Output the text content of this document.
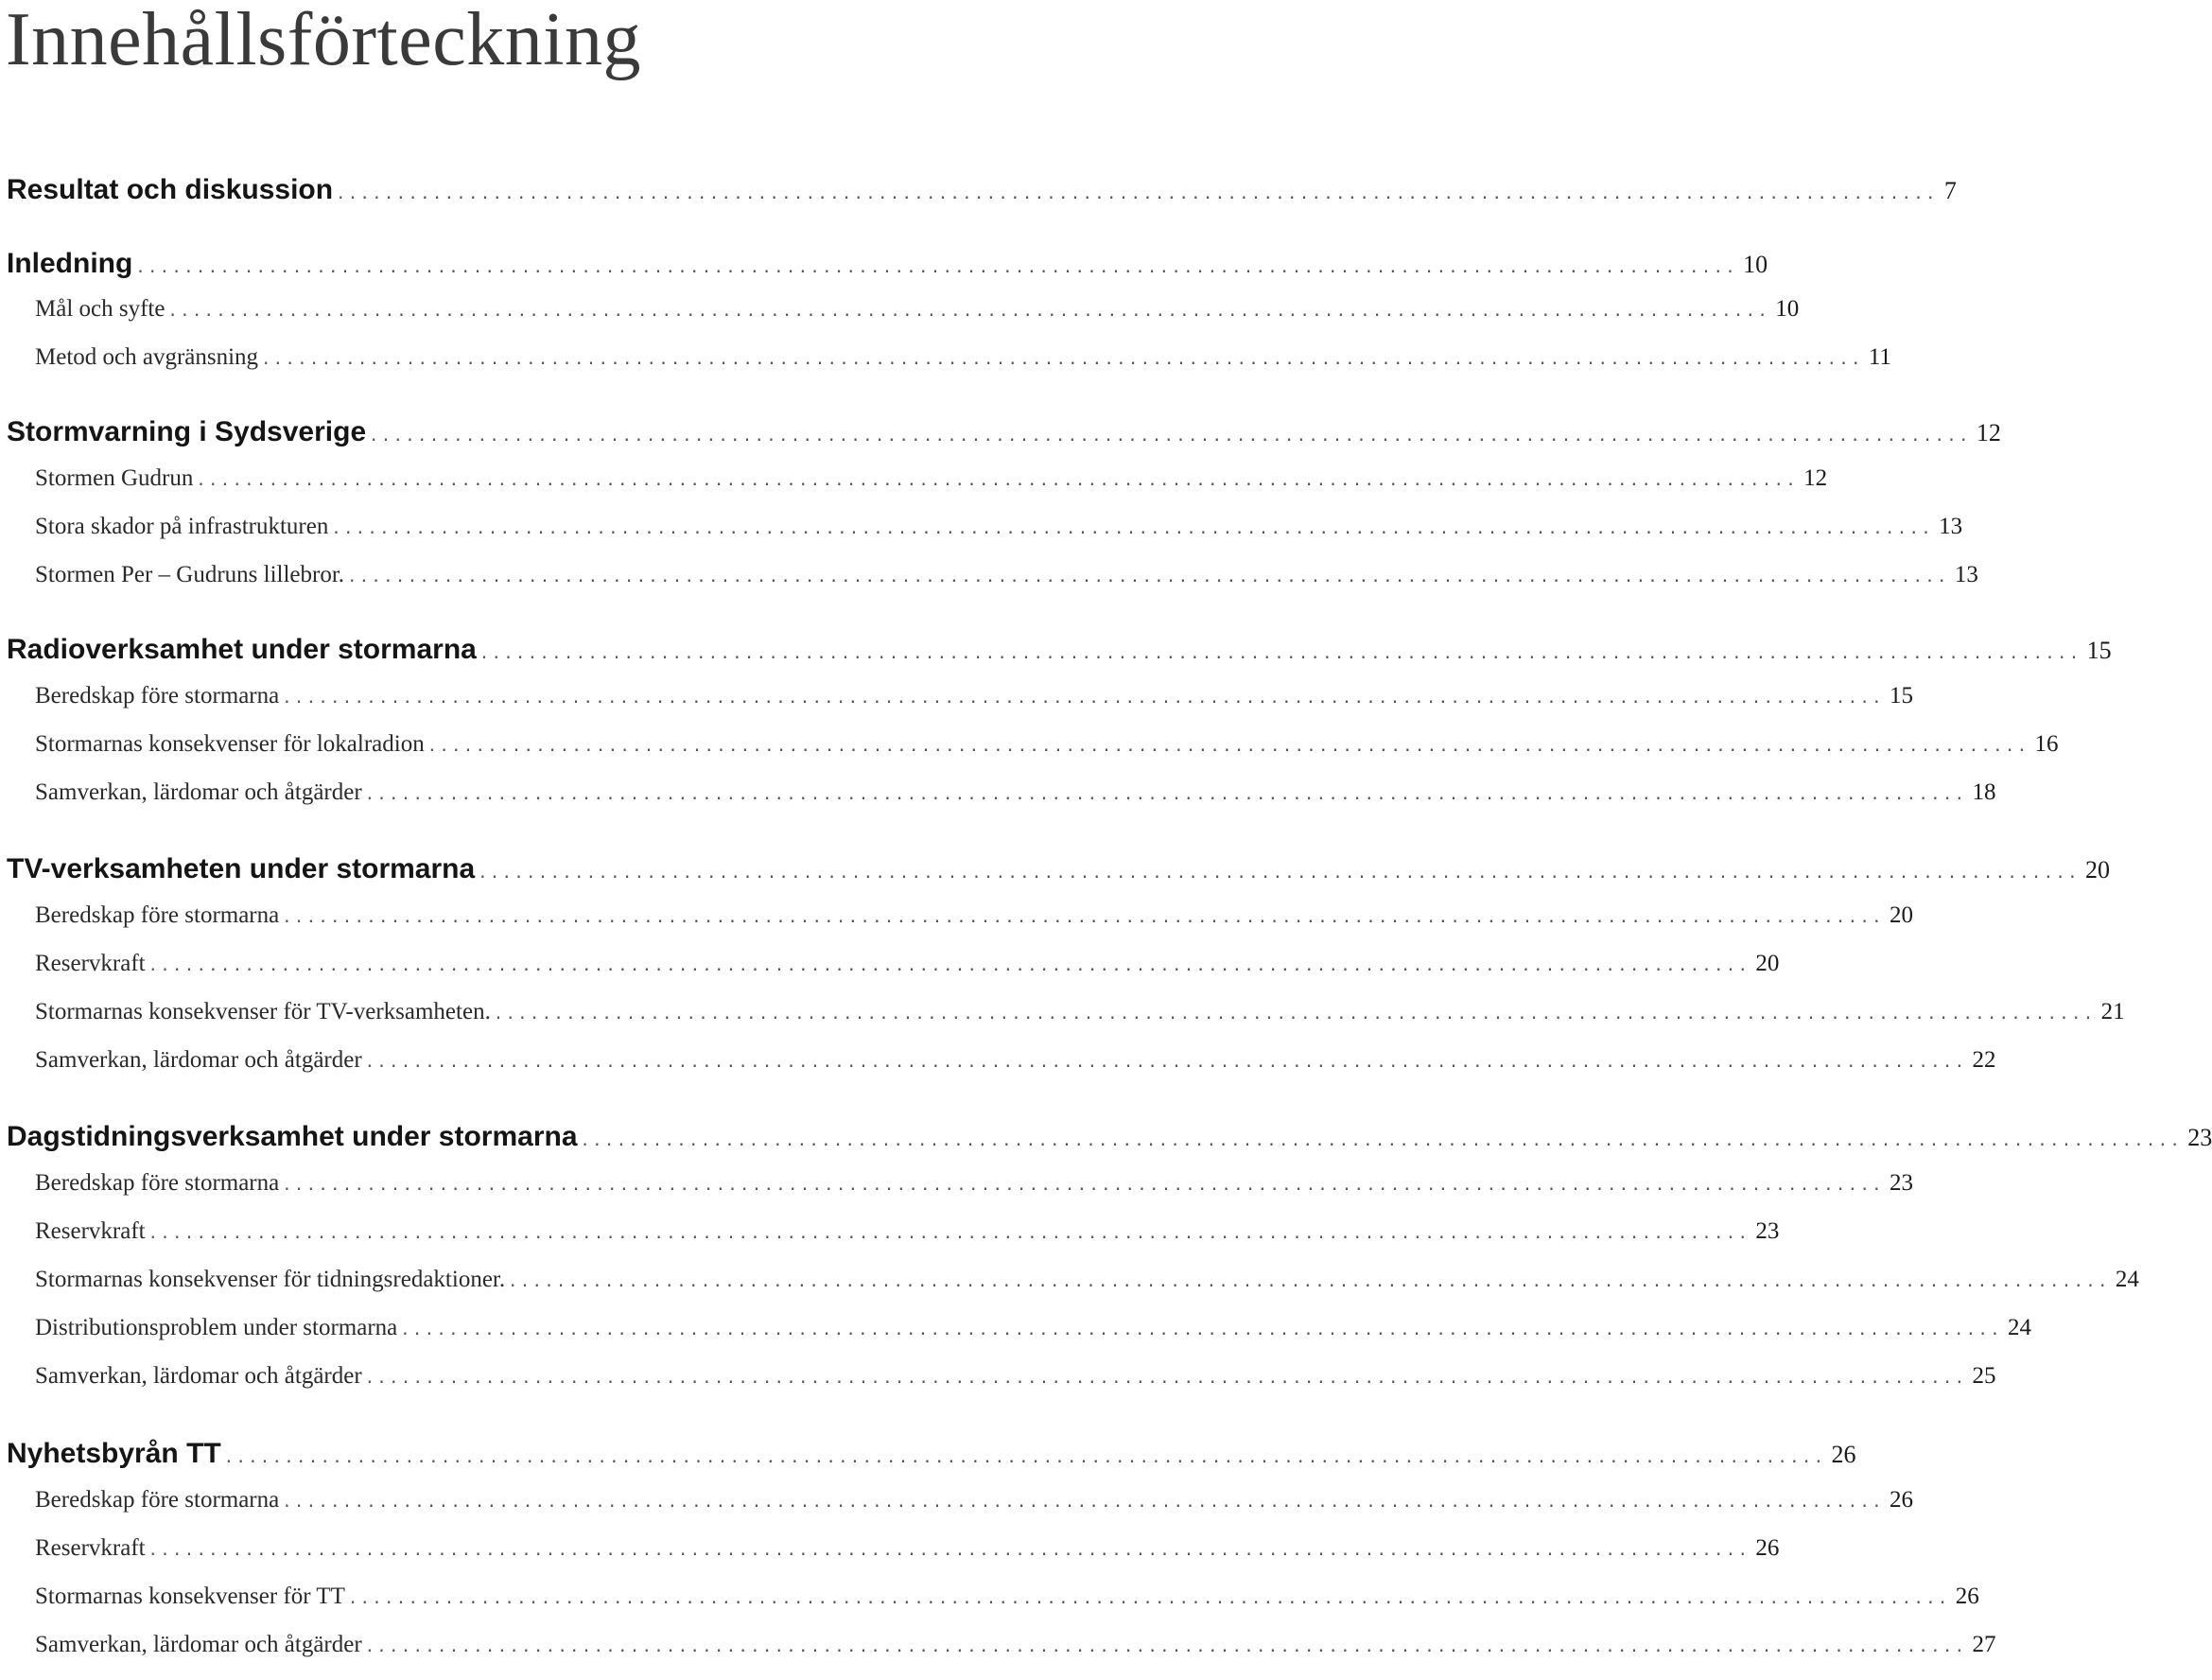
Innehållsförteckning
Resultat och diskussion ..................................................................................................................................... 7
Inledning ..................................................................................................................................... 10
Mål och syfte ..................................................................................................................................... 10
Metod och avgränsning ..................................................................................................................................... 11
Stormvarning i Sydsverige ..................................................................................................................................... 12
Stormen Gudrun ..................................................................................................................................... 12
Stora skador på infrastrukturen ..................................................................................................................................... 13
Stormen Per – Gudruns lillebror. ..................................................................................................................................... 13
Radioverksamhet under stormarna ..................................................................................................................................... 15
Beredskap före stormarna ..................................................................................................................................... 15
Stormarnas konsekvenser för lokalradion ..................................................................................................................................... 16
Samverkan, lärdomar och åtgärder ..................................................................................................................................... 18
TV-verksamheten under stormarna ..................................................................................................................................... 20
Beredskap före stormarna ..................................................................................................................................... 20
Reservkraft ..................................................................................................................................... 20
Stormarnas konsekvenser för TV-verksamheten. ..................................................................................................................................... 21
Samverkan, lärdomar och åtgärder ..................................................................................................................................... 22
Dagstidningsverksamhet under stormarna ..................................................................................................................................... 23
Beredskap före stormarna ..................................................................................................................................... 23
Reservkraft ..................................................................................................................................... 23
Stormarnas konsekvenser för tidningsredaktioner. ..................................................................................................................................... 24
Distributionsproblem under stormarna ..................................................................................................................................... 24
Samverkan, lärdomar och åtgärder ..................................................................................................................................... 25
Nyhetsbyrån TT ..................................................................................................................................... 26
Beredskap före stormarna ..................................................................................................................................... 26
Reservkraft ..................................................................................................................................... 26
Stormarnas konsekvenser för TT ..................................................................................................................................... 26
Samverkan, lärdomar och åtgärder ..................................................................................................................................... 27
